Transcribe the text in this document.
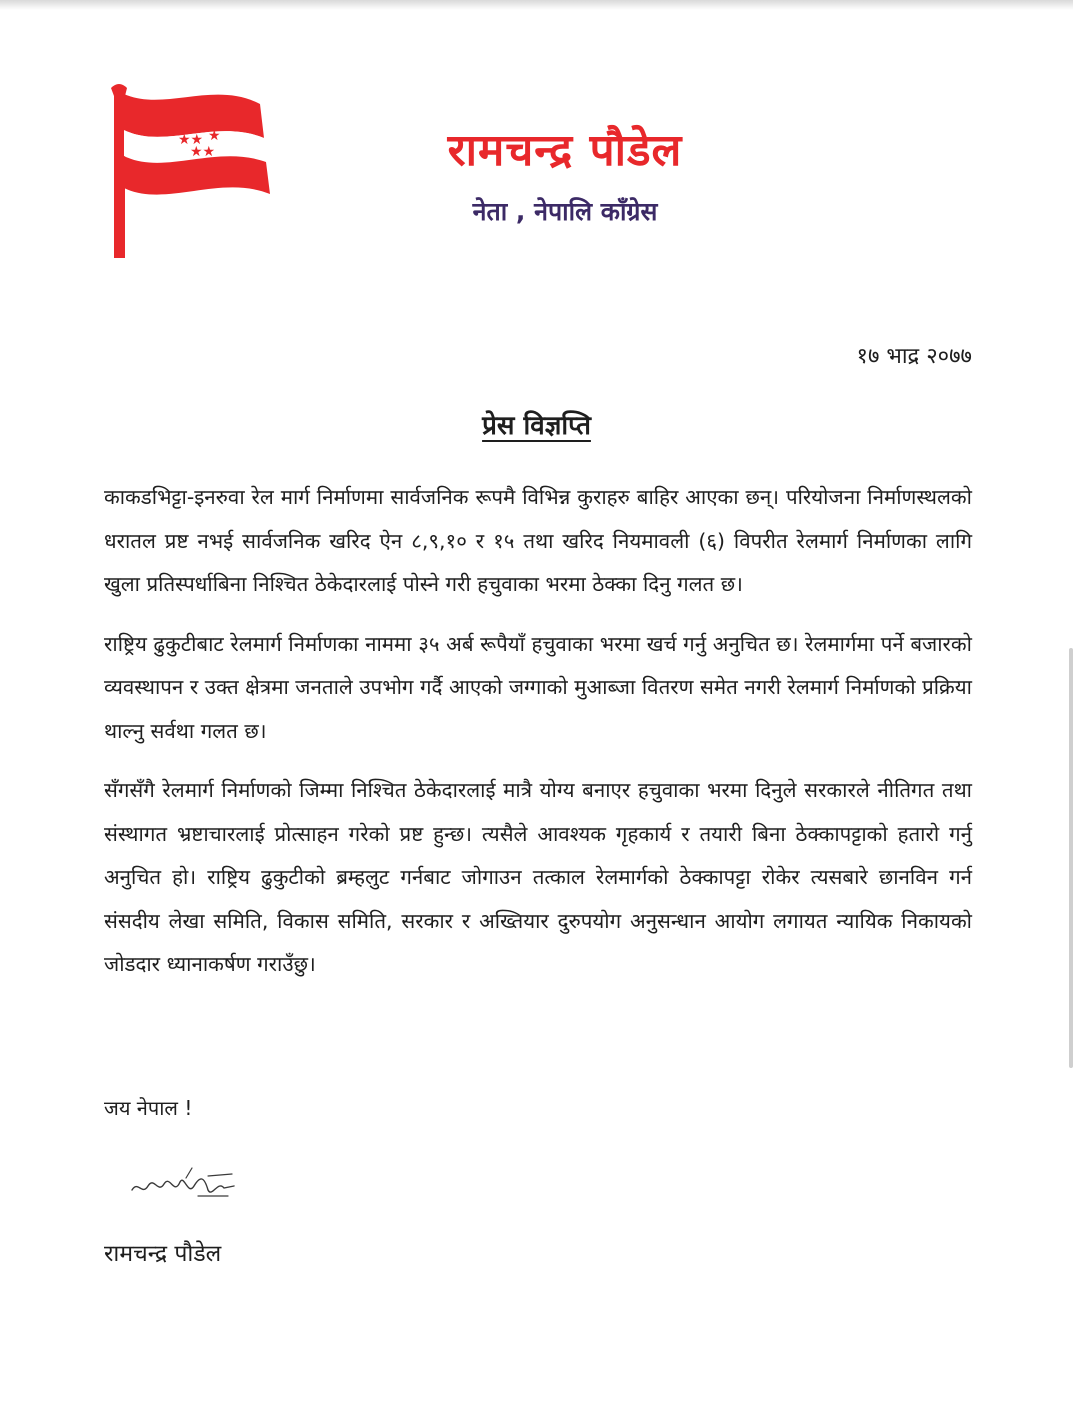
★★ ★
★★	रामचन्द्र पौडेल
नेता , नेपालि काँग्रेस
१७ भाद्र २०७७
प्रेस विज्ञप्ति

काकडभिट्टा-इनरुवा रेल मार्ग निर्माणमा सार्वजनिक रूपमै विभिन्न कुराहरु बाहिर आएका छन्। परियोजना निर्माणस्थलको धरातल प्रष्ट नभई सार्वजनिक खरिद ऐन ८,९,१० र १५ तथा खरिद नियमावली (६) विपरीत रेलमार्ग निर्माणका लागि खुला प्रतिस्पर्धाबिना निश्चित ठेकेदारलाई पोस्ने गरी हचुवाका भरमा ठेक्का दिनु गलत छ।

राष्ट्रिय ढुकुटीबाट रेलमार्ग निर्माणका नाममा ३५ अर्ब रूपैयाँ हचुवाका भरमा खर्च गर्नु अनुचित छ। रेलमार्गमा पर्ने बजारको व्यवस्थापन र उक्त क्षेत्रमा जनताले उपभोग गर्दै आएको जग्गाको मुआब्जा वितरण समेत नगरी रेलमार्ग निर्माणको प्रक्रिया थाल्नु सर्वथा गलत छ।

सँगसँगै रेलमार्ग निर्माणको जिम्मा निश्चित ठेकेदारलाई मात्रै योग्य बनाएर हचुवाका भरमा दिनुले सरकारले नीतिगत तथा संस्थागत भ्रष्टाचारलाई प्रोत्साहन गरेको प्रष्ट हुन्छ। त्यसैले आवश्यक गृहकार्य र तयारी बिना ठेक्कापट्टाको हतारो गर्नु अनुचित हो। राष्ट्रिय ढुकुटीको ब्रम्हलुट गर्नबाट जोगाउन तत्काल रेलमार्गको ठेक्कापट्टा रोकेर त्यसबारे छानविन गर्न संसदीय लेखा समिति, विकास समिति, सरकार र अख्तियार दुरुपयोग अनुसन्धान आयोग लगायत न्यायिक निकायको जोडदार ध्यानाकर्षण गराउँछु।

जय नेपाल !
रामचन्द्र पौडेल
